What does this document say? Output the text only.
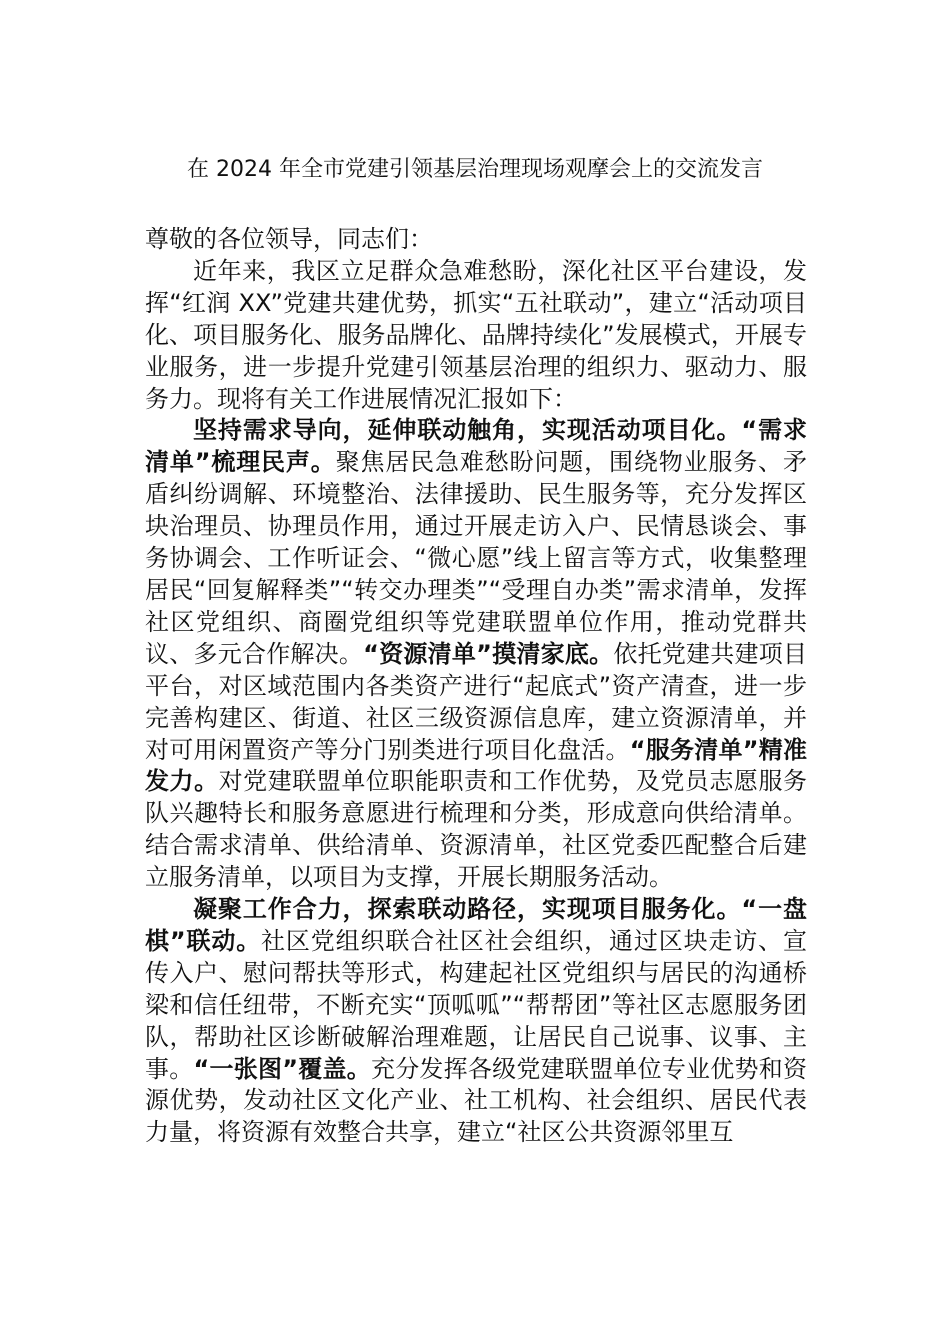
在 2024 年全市党建引领基层治理现场观摩会上的交流发言

尊敬的各位领导，同志们：

近年来，我区立足群众急难愁盼，深化社区平台建设，发挥“红润 XX”党建共建优势，抓实“五社联动”，建立“活动项目化、项目服务化、服务品牌化、品牌持续化”发展模式，开展专业服务，进一步提升党建引领基层治理的组织力、驱动力、服务力。现将有关工作进展情况汇报如下：

坚持需求导向，延伸联动触角，实现活动项目化。“需求清单”梳理民声。聚焦居民急难愁盼问题，围绕物业服务、矛盾纠纷调解、环境整治、法律援助、民生服务等，充分发挥区块治理员、协理员作用，通过开展走访入户、民情恳谈会、事务协调会、工作听证会、“微心愿”线上留言等方式，收集整理居民“回复解释类”“转交办理类”“受理自办类”需求清单，发挥社区党组织、商圈党组织等党建联盟单位作用，推动党群共议、多元合作解决。“资源清单”摸清家底。依托党建共建项目平台，对区域范围内各类资产进行“起底式”资产清查，进一步完善构建区、街道、社区三级资源信息库，建立资源清单，并对可用闲置资产等分门别类进行项目化盘活。“服务清单”精准发力。对党建联盟单位职能职责和工作优势，及党员志愿服务队兴趣特长和服务意愿进行梳理和分类，形成意向供给清单。结合需求清单、供给清单、资源清单，社区党委匹配整合后建立服务清单，以项目为支撑，开展长期服务活动。

凝聚工作合力，探索联动路径，实现项目服务化。“一盘棋”联动。社区党组织联合社区社会组织，通过区块走访、宣传入户、慰问帮扶等形式，构建起社区党组织与居民的沟通桥梁和信任纽带，不断充实“顶呱呱”“帮帮团”等社区志愿服务团队，帮助社区诊断破解治理难题，让居民自己说事、议事、主事。“一张图”覆盖。充分发挥各级党建联盟单位专业优势和资源优势，发动社区文化产业、社工机构、社会组织、居民代表力量，将资源有效整合共享，建立“社区公共资源邻里互
